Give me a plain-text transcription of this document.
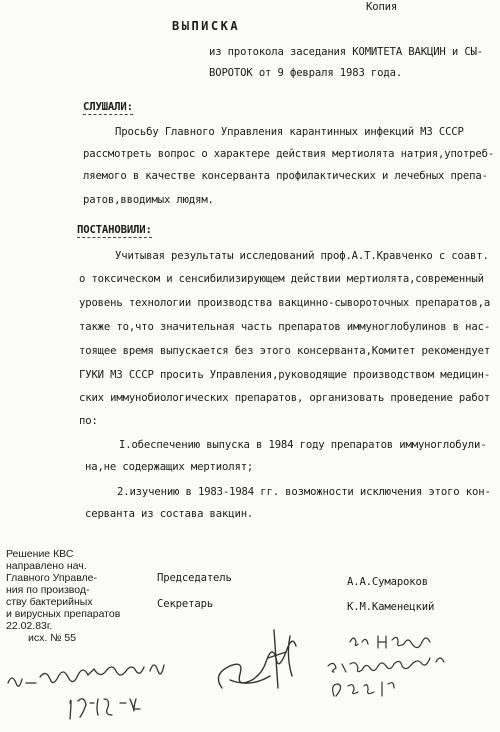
Копия
ВЫПИСКА
из протокола заседания КОМИТЕТА ВАКЦИН и СЫ-
ВОРОТОК от 9 февраля 1983 года.
СЛУШАЛИ:
Просьбу Главного Управления карантинных инфекций МЗ СССР
рассмотреть вопрос о характере действия мертиолята натрия,употреб-
ляемого в качестве консерванта профилактических и лечебных препа-
ратов,вводимых людям.
ПОСТАНОВИЛИ:
Учитывая результаты исследований проф.А.Т.Кравченко с соавт.
о токсическом и сенсибилизирующем действии мертиолята,современный
уровень технологии производства вакцинно-сывороточных препаратов,а
также то,что значительная часть препаратов иммуноглобулинов в нас-
тоящее время выпускается без этого консерванта,Комитет рекомендует
ГУКИ МЗ СССР просить Управления,руководящие производством медицин-
ских иммунобиологических препаратов, организовать проведение работ
по:
I.обеспечению выпуска в 1984 году препаратов иммуноглобули-
на,не содержащих мертиолят;
2.изучению в 1983-1984 гг. возможности исключения этого кон-
серванта из состава вакцин.
Решение КВС
направлено нач.
Главного Управле-
ния по производ-
ству бактерийных
и вирусных препаратов
22.02.83г.
исх. № 55
Председатель	А.А.Сумароков
Секретарь	К.М.Каменецкий
